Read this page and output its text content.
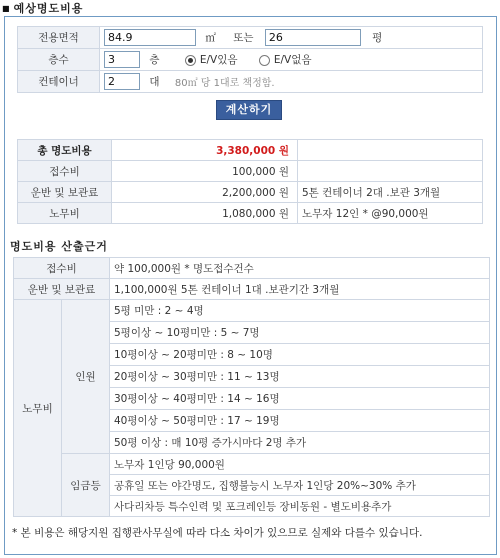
■ 예상명도비용
전용면적	84.9 ㎡ 또는 26 평
층수	3 층 E/V있음 E/V없음
컨테이너	2 대 80㎡ 당 1대로 책정함.
계산하기
총 명도비용	3,380,000 원	
접수비	100,000 원	
운반 및 보관료	2,200,000 원	5톤 컨테이너 2대 .보관 3개월
노무비	1,080,000 원	노무자 12인 * @90,000원
명도비용 산출근거
접수비		약 100,000원 * 명도접수건수
운반 및 보관료		1,100,000원 5톤 컨테이너 1대 .보관기간 3개월
노무비	인원	5평 미만 : 2 ~ 4명
		5평이상 ~ 10평미만 : 5 ~ 7명
		10평이상 ~ 20평미만 : 8 ~ 10명
		20평이상 ~ 30평미만 : 11 ~ 13명
		30평이상 ~ 40평미만 : 14 ~ 16명
		40평이상 ~ 50평미만 : 17 ~ 19명
		50평 이상 : 매 10평 증가시마다 2명 추가
	임금등	노무자 1인당 90,000원
		공휴일 또는 야간명도, 집행불능시 노무자 1인당 20%~30% 추가
		사다리차등 특수인력 및 포크레인등 장비동원 - 별도비용추가
* 본 비용은 해당지원 집행관사무실에 따라 다소 차이가 있으므로 실제와 다를수 있습니다.
